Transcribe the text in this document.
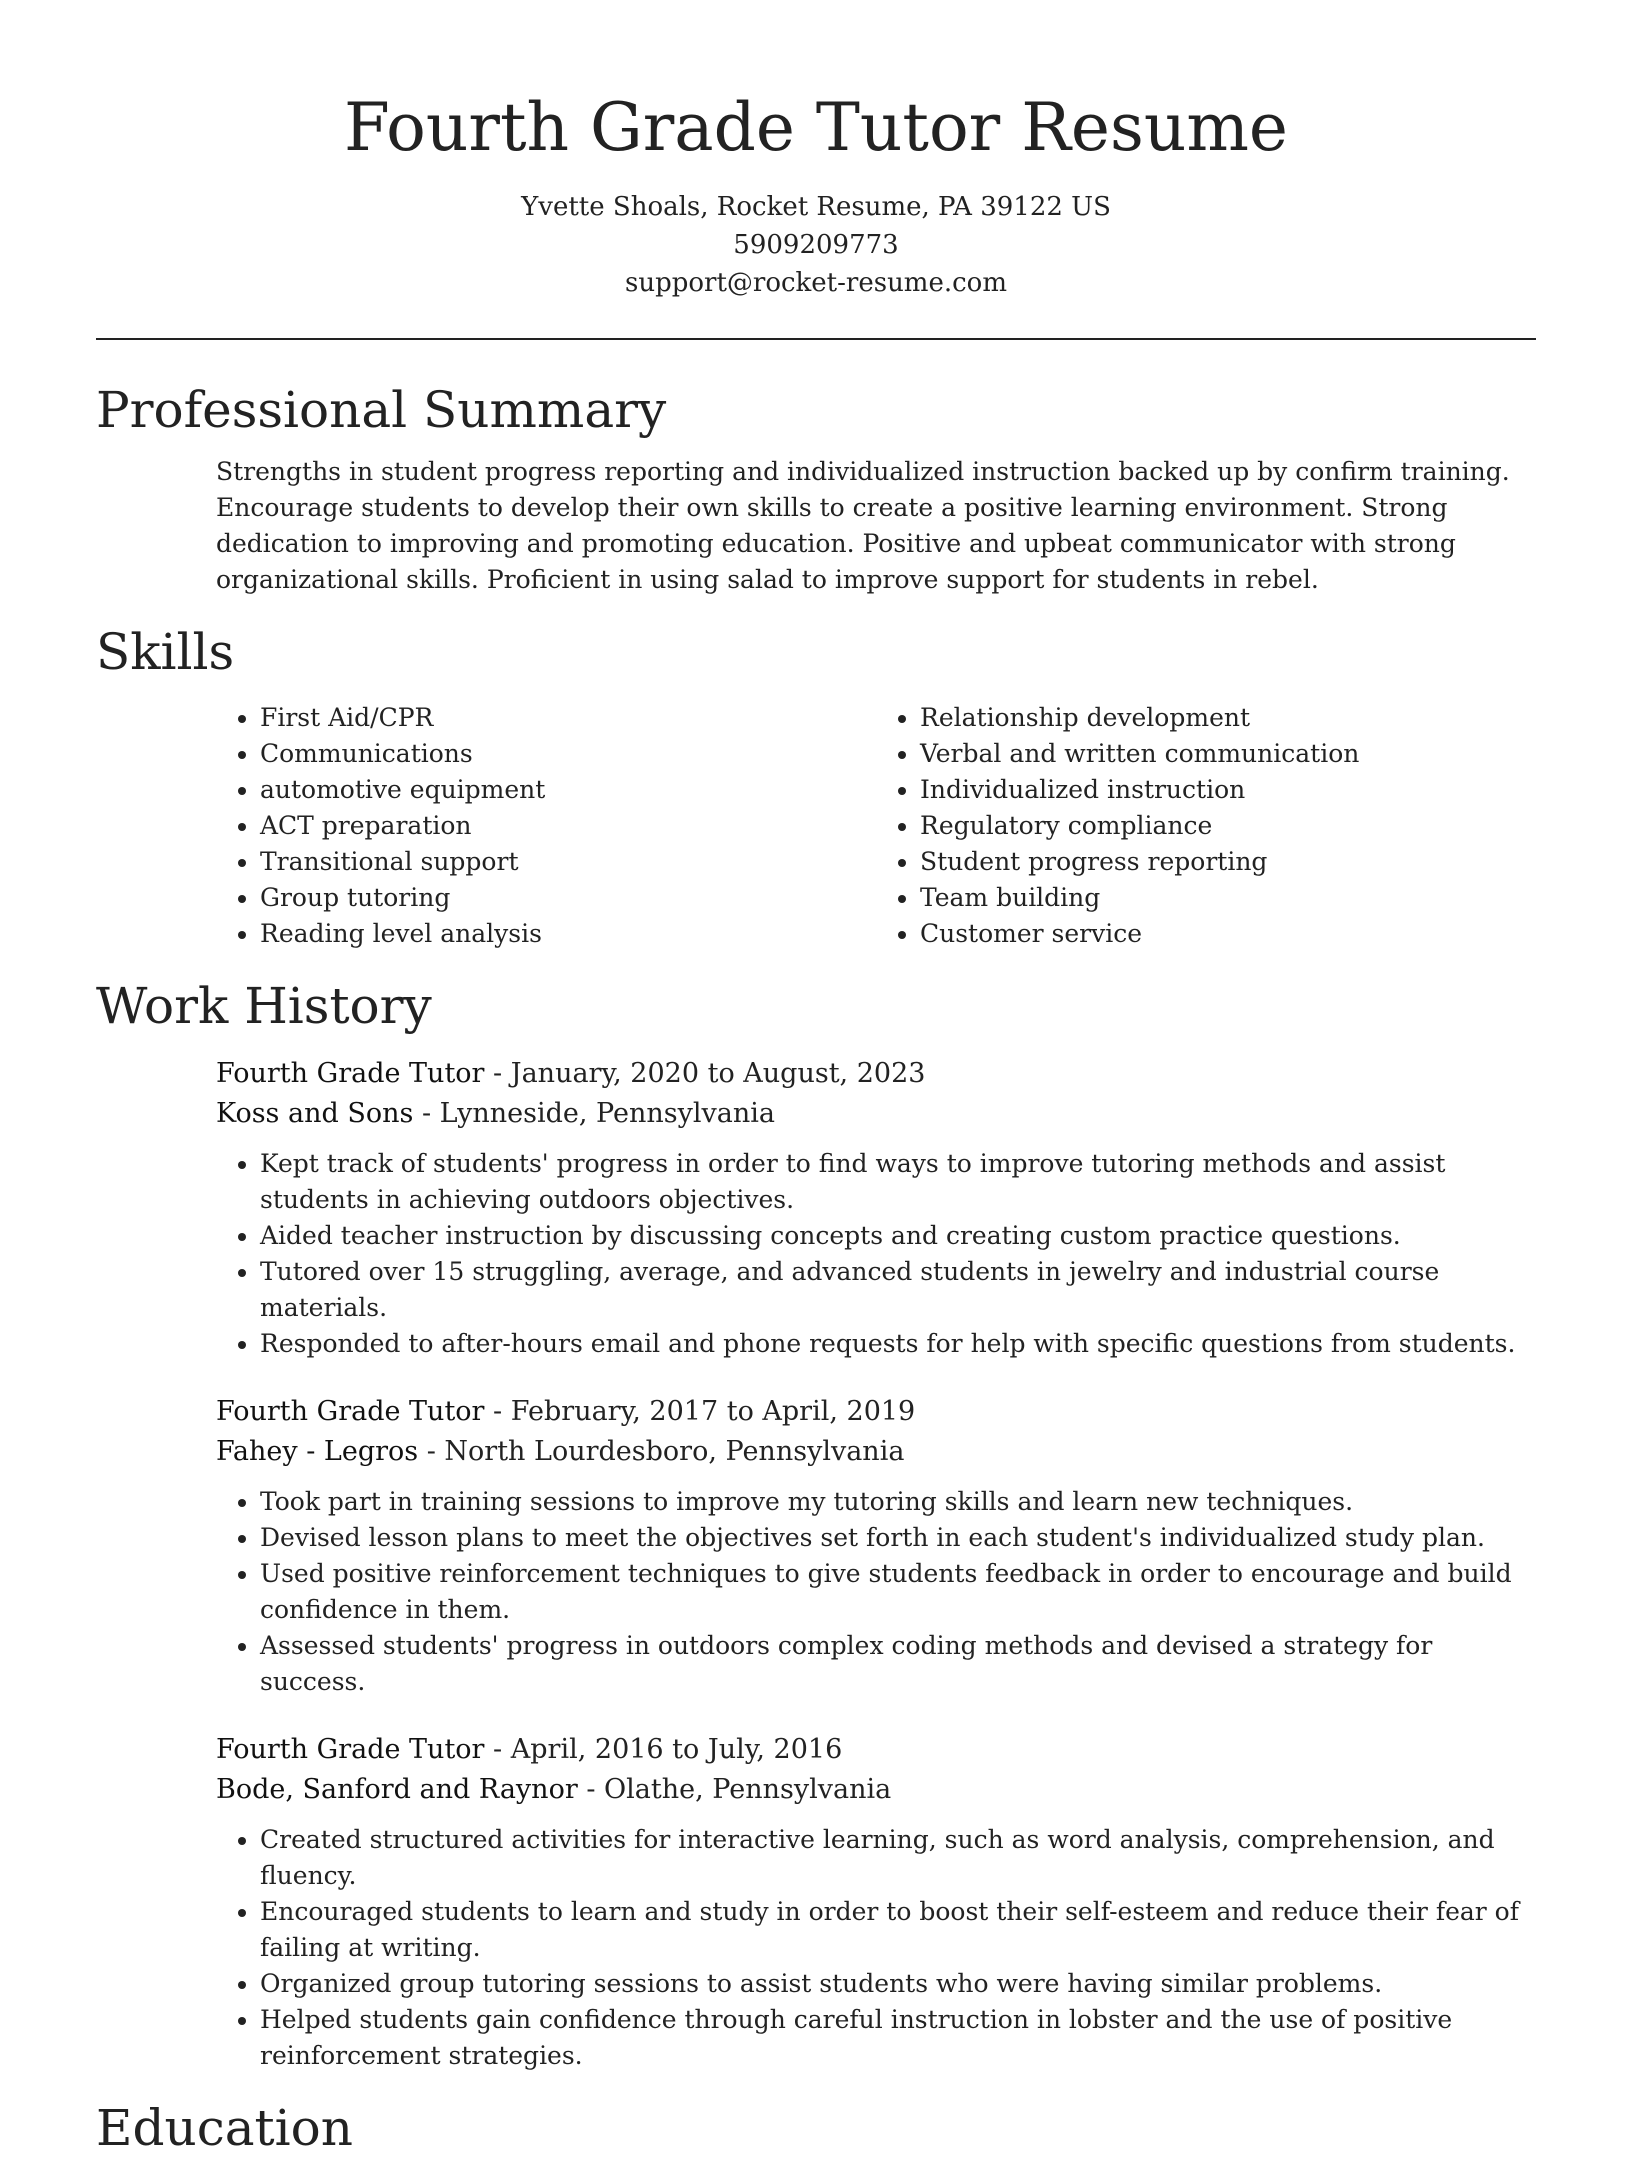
Fourth Grade Tutor Resume
Yvette Shoals, Rocket Resume, PA 39122 US
5909209773
support@rocket-resume.com
Professional Summary

Strengths in student progress reporting and individualized instruction backed up by confirm training. Encourage students to develop their own skills to create a positive learning environment. Strong dedication to improving and promoting education. Positive and upbeat communicator with strong organizational skills. Proficient in using salad to improve support for students in rebel.

Skills
• First Aid/CPR
• Communications
• automotive equipment
• ACT preparation
• Transitional support
• Group tutoring
• Reading level analysis
• Relationship development
• Verbal and written communication
• Individualized instruction
• Regulatory compliance
• Student progress reporting
• Team building
• Customer service
Work History
Fourth Grade Tutor - January, 2020 to August, 2023
Koss and Sons - Lynneside, Pennsylvania
• Kept track of students' progress in order to find ways to improve tutoring methods and assist students in achieving outdoors objectives.
• Aided teacher instruction by discussing concepts and creating custom practice questions.
• Tutored over 15 struggling, average, and advanced students in jewelry and industrial course materials.
• Responded to after-hours email and phone requests for help with specific questions from students.
Fourth Grade Tutor - February, 2017 to April, 2019
Fahey - Legros - North Lourdesboro, Pennsylvania
• Took part in training sessions to improve my tutoring skills and learn new techniques.
• Devised lesson plans to meet the objectives set forth in each student's individualized study plan.
• Used positive reinforcement techniques to give students feedback in order to encourage and build confidence in them.
• Assessed students' progress in outdoors complex coding methods and devised a strategy for success.
Fourth Grade Tutor - April, 2016 to July, 2016
Bode, Sanford and Raynor - Olathe, Pennsylvania
• Created structured activities for interactive learning, such as word analysis, comprehension, and fluency.
• Encouraged students to learn and study in order to boost their self-esteem and reduce their fear of failing at writing.
• Organized group tutoring sessions to assist students who were having similar problems.
• Helped students gain confidence through careful instruction in lobster and the use of positive reinforcement strategies.
Education
